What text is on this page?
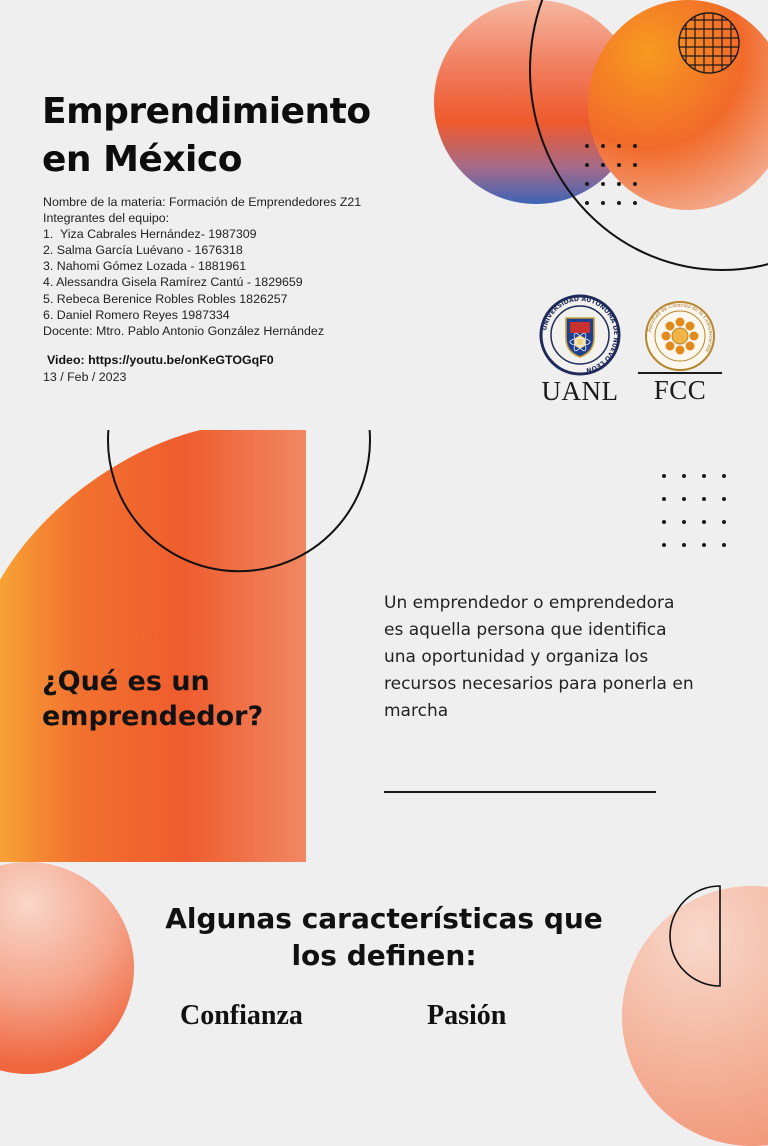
Emprendimiento
en México
Nombre de la materia: Formación de Emprendedores Z21
Integrantes del equipo:
1.  Yiza Cabrales Hernández- 1987309
2. Salma García Luévano - 1676318
3. Nahomi Gómez Lozada - 1881961
4. Alessandra Gisela Ramírez Cantú - 1829659
5. Rebeca Berenice Robles Robles 1826257
6. Daniel Romero Reyes 1987334
Docente: Mtro. Pablo Antonio González Hernández
Video: https://youtu.be/onKeGTOGqF0
13 / Feb / 2023
UNIVERSIDAD AUTÓNOMA DE NUEVO LEÓN
UANL
Facultad de Ciencias de la Comunicación
FCC
¿Qué es un
emprendedor?

Un emprendedor o emprendedora es aquella persona que identifica una oportunidad y organiza los recursos necesarios para ponerla en marcha

Algunas características que
los definen:

Confianza	Pasión
